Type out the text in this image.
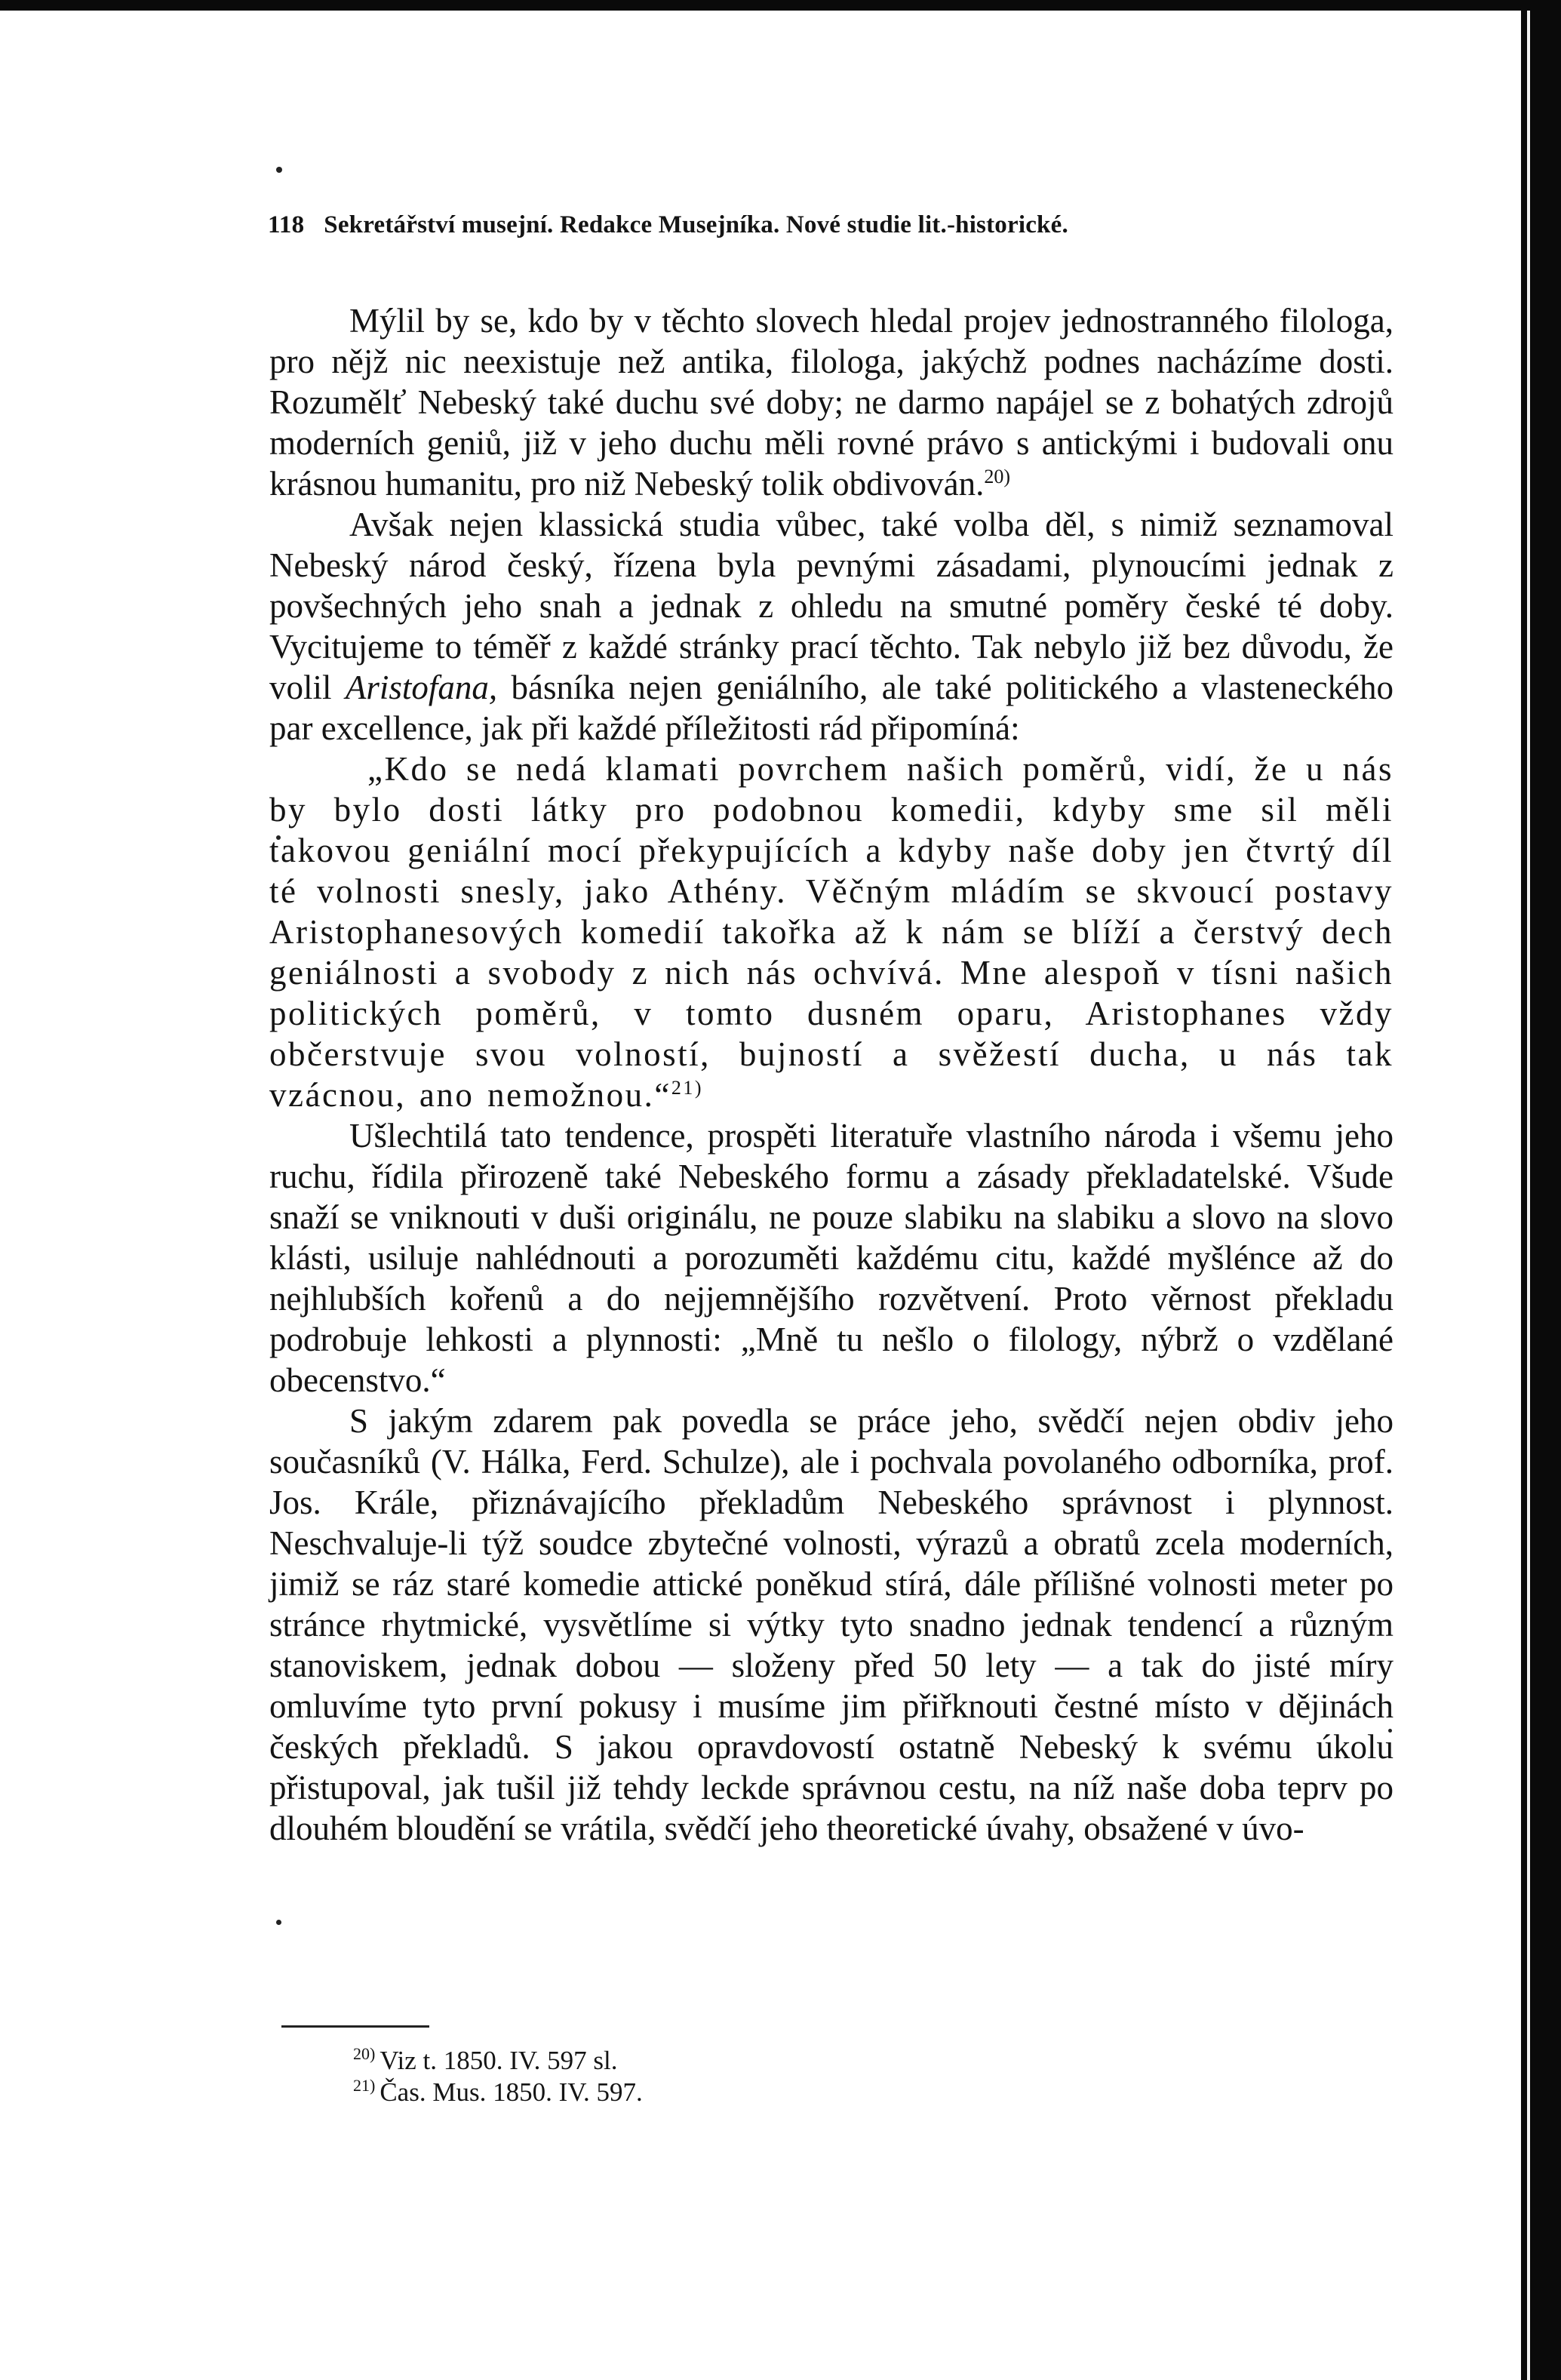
118 Sekretářství musejní. Redakce Musejníka. Nové studie lit.-historické.

Mýlil by se, kdo by v těchto slovech hledal projev jednostranného filologa, pro nějž nic neexistuje než antika, filologa, jakýchž podnes nacházíme dosti. Rozumělť Nebeský také duchu své doby; ne darmo napájel se z bohatých zdrojů moderních geniů, již v jeho duchu měli rovné právo s antickými i budovali onu krásnou humanitu, pro niž Nebeský tolik obdivován.$^{20)}$

Avšak nejen klassická studia vůbec, také volba děl, s nimiž seznamoval Nebeský národ český, řízena byla pevnými zásadami, plynoucími jednak z povšechných jeho snah a jednak z ohledu na smutné poměry české té doby. Vycitujeme to téměř z každé stránky prací těchto. Tak nebylo již bez důvodu, že volil Aristofana, básníka nejen geniálního, ale také politického a vlasteneckého par excellence, jak při každé příležitosti rád připomíná:

„Kdo se nedá klamati povrchem našich poměrů, vidí, že u nás by bylo dosti látky pro podobnou komedii, kdyby sme sil měli takovou geniální mocí překypujících a kdyby naše doby jen čtvrtý díl té volnosti snesly, jako Athény. Věčným mládím se skvoucí postavy Aristophanesových komedií takořka až k nám se blíží a čerstvý dech geniálnosti a svobody z nich nás ochvívá. Mne alespoň v tísni našich politických poměrů, v tomto dusném oparu, Aristophanes vždy občerstvuje svou volností, bujností a svěžestí ducha, u nás tak vzácnou, ano nemožnou.“$^{21)}$

Ušlechtilá tato tendence, prospěti literatuře vlastního národa i všemu jeho ruchu, řídila přirozeně také Nebeského formu a zásady překladatelské. Všude snaží se vniknouti v duši originálu, ne pouze slabiku na slabiku a slovo na slovo klásti, usiluje nahlédnouti a porozuměti každému citu, každé myšlénce až do nejhlubších kořenů a do nejjemnějšího rozvětvení. Proto věrnost překladu podrobuje lehkosti a plynnosti: „Mně tu nešlo o filology, nýbrž o vzdělané obecenstvo.“

S jakým zdarem pak povedla se práce jeho, svědčí nejen obdiv jeho současníků (V. Hálka, Ferd. Schulze), ale i pochvala povolaného odborníka, prof. Jos. Krále, přiznávajícího překladům Nebeského správnost i plynnost. Neschvaluje-li týž soudce zbytečné volnosti, výrazů a obratů zcela moderních, jimiž se ráz staré komedie attické poněkud stírá, dále přílišné volnosti meter po stránce rhytmické, vysvětlíme si výtky tyto snadno jednak tendencí a různým stanoviskem, jednak dobou — složeny před 50 lety — a tak do jisté míry omluvíme tyto první pokusy i musíme jim přiřknouti čestné místo v dějinách českých překladů. S jakou opravdovostí ostatně Nebeský k svému úkolu přistupoval, jak tušil již tehdy leckde správnou cestu, na níž naše doba teprv po dlouhém bloudění se vrátila, svědčí jeho theoretické úvahy, obsažené v úvo-

$^{20)}$ Viz t. 1850. IV. 597 sl.
$^{21)}$ Čas. Mus. 1850. IV. 597.
